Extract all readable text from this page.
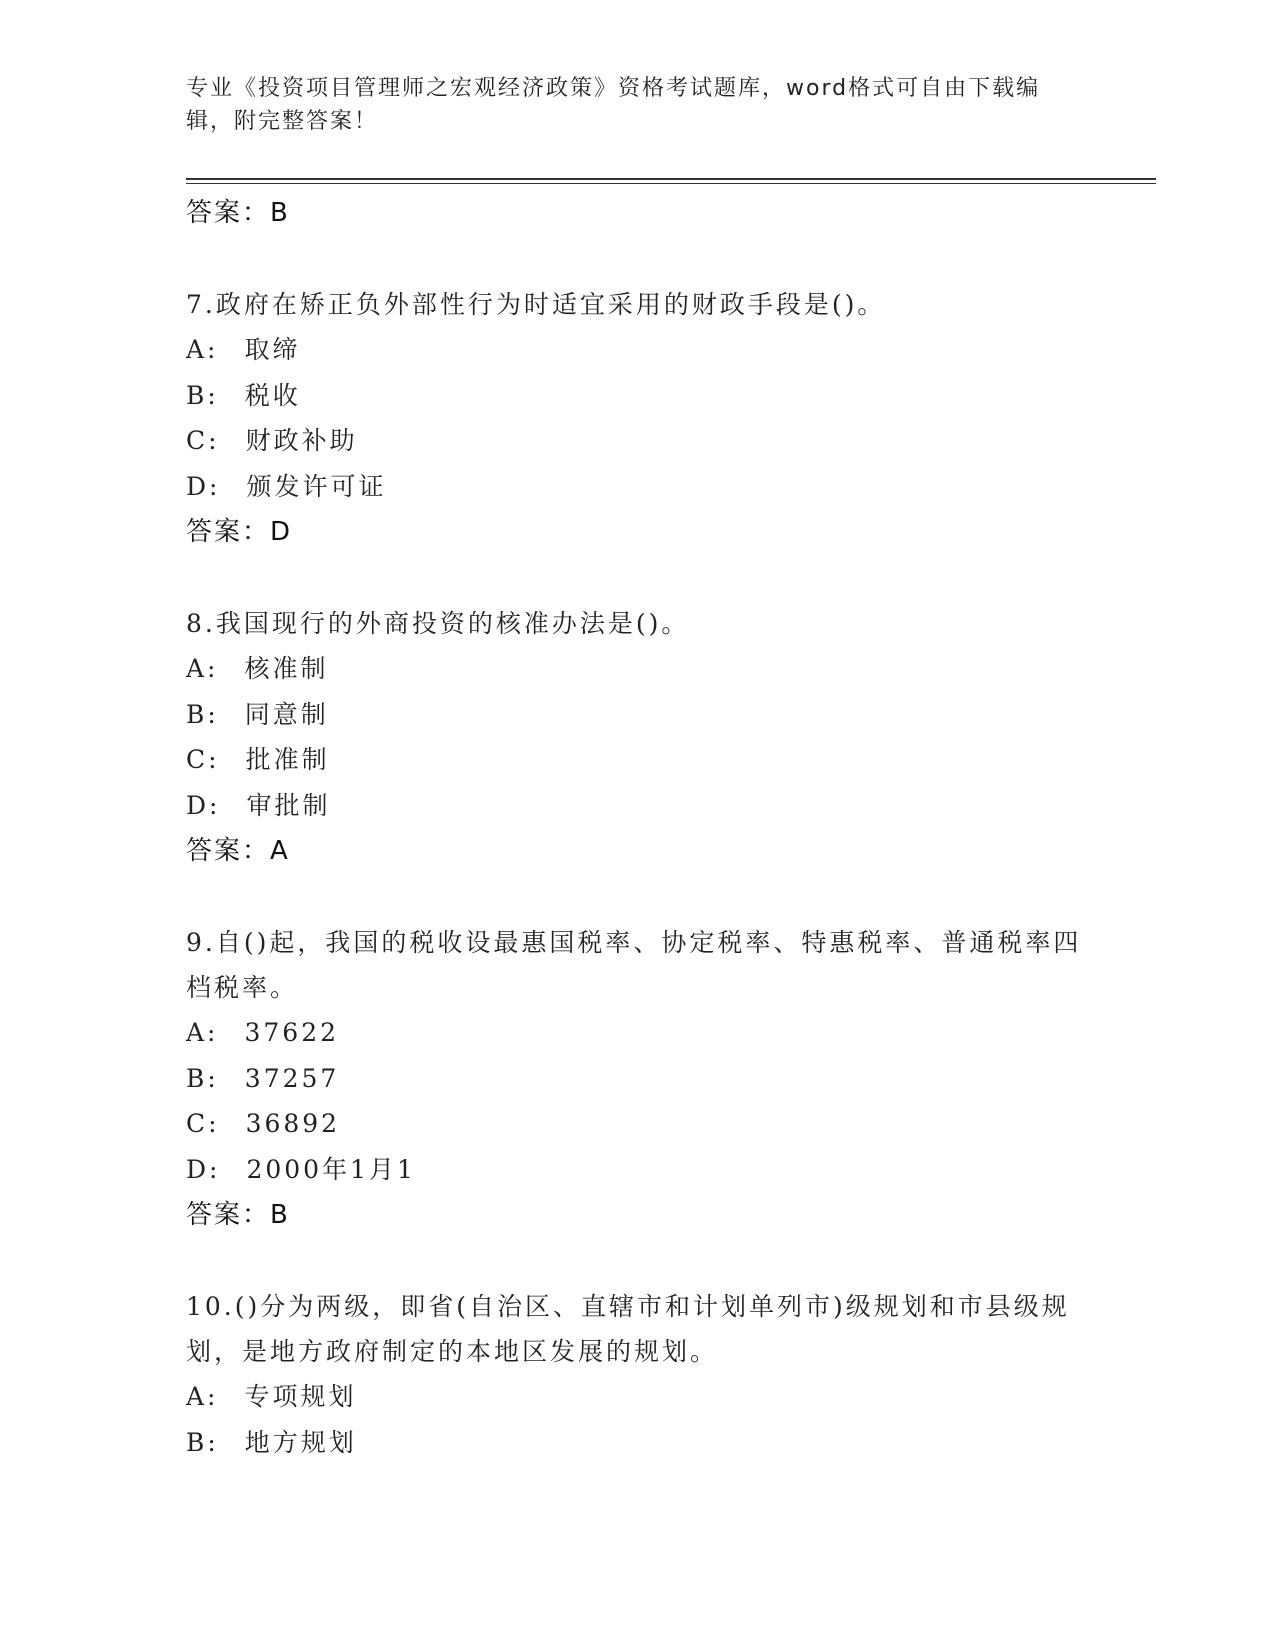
专业《投资项目管理师之宏观经济政策》资格考试题库，word格式可自由下载编辑，附完整答案！
答案：B
7.政府在矫正负外部性行为时适宜采用的财政手段是()。
A: 取缔
B: 税收
C: 财政补助
D: 颁发许可证
答案：D
8.我国现行的外商投资的核准办法是()。
A: 核准制
B: 同意制
C: 批准制
D: 审批制
答案：A
9.自()起，我国的税收设最惠国税率、协定税率、特惠税率、普通税率四档税率。
A: 37622
B: 37257
C: 36892
D: 2000年1月1
答案：B
10.()分为两级，即省(自治区、直辖市和计划单列市)级规划和市县级规划，是地方政府制定的本地区发展的规划。
A: 专项规划
B: 地方规划
